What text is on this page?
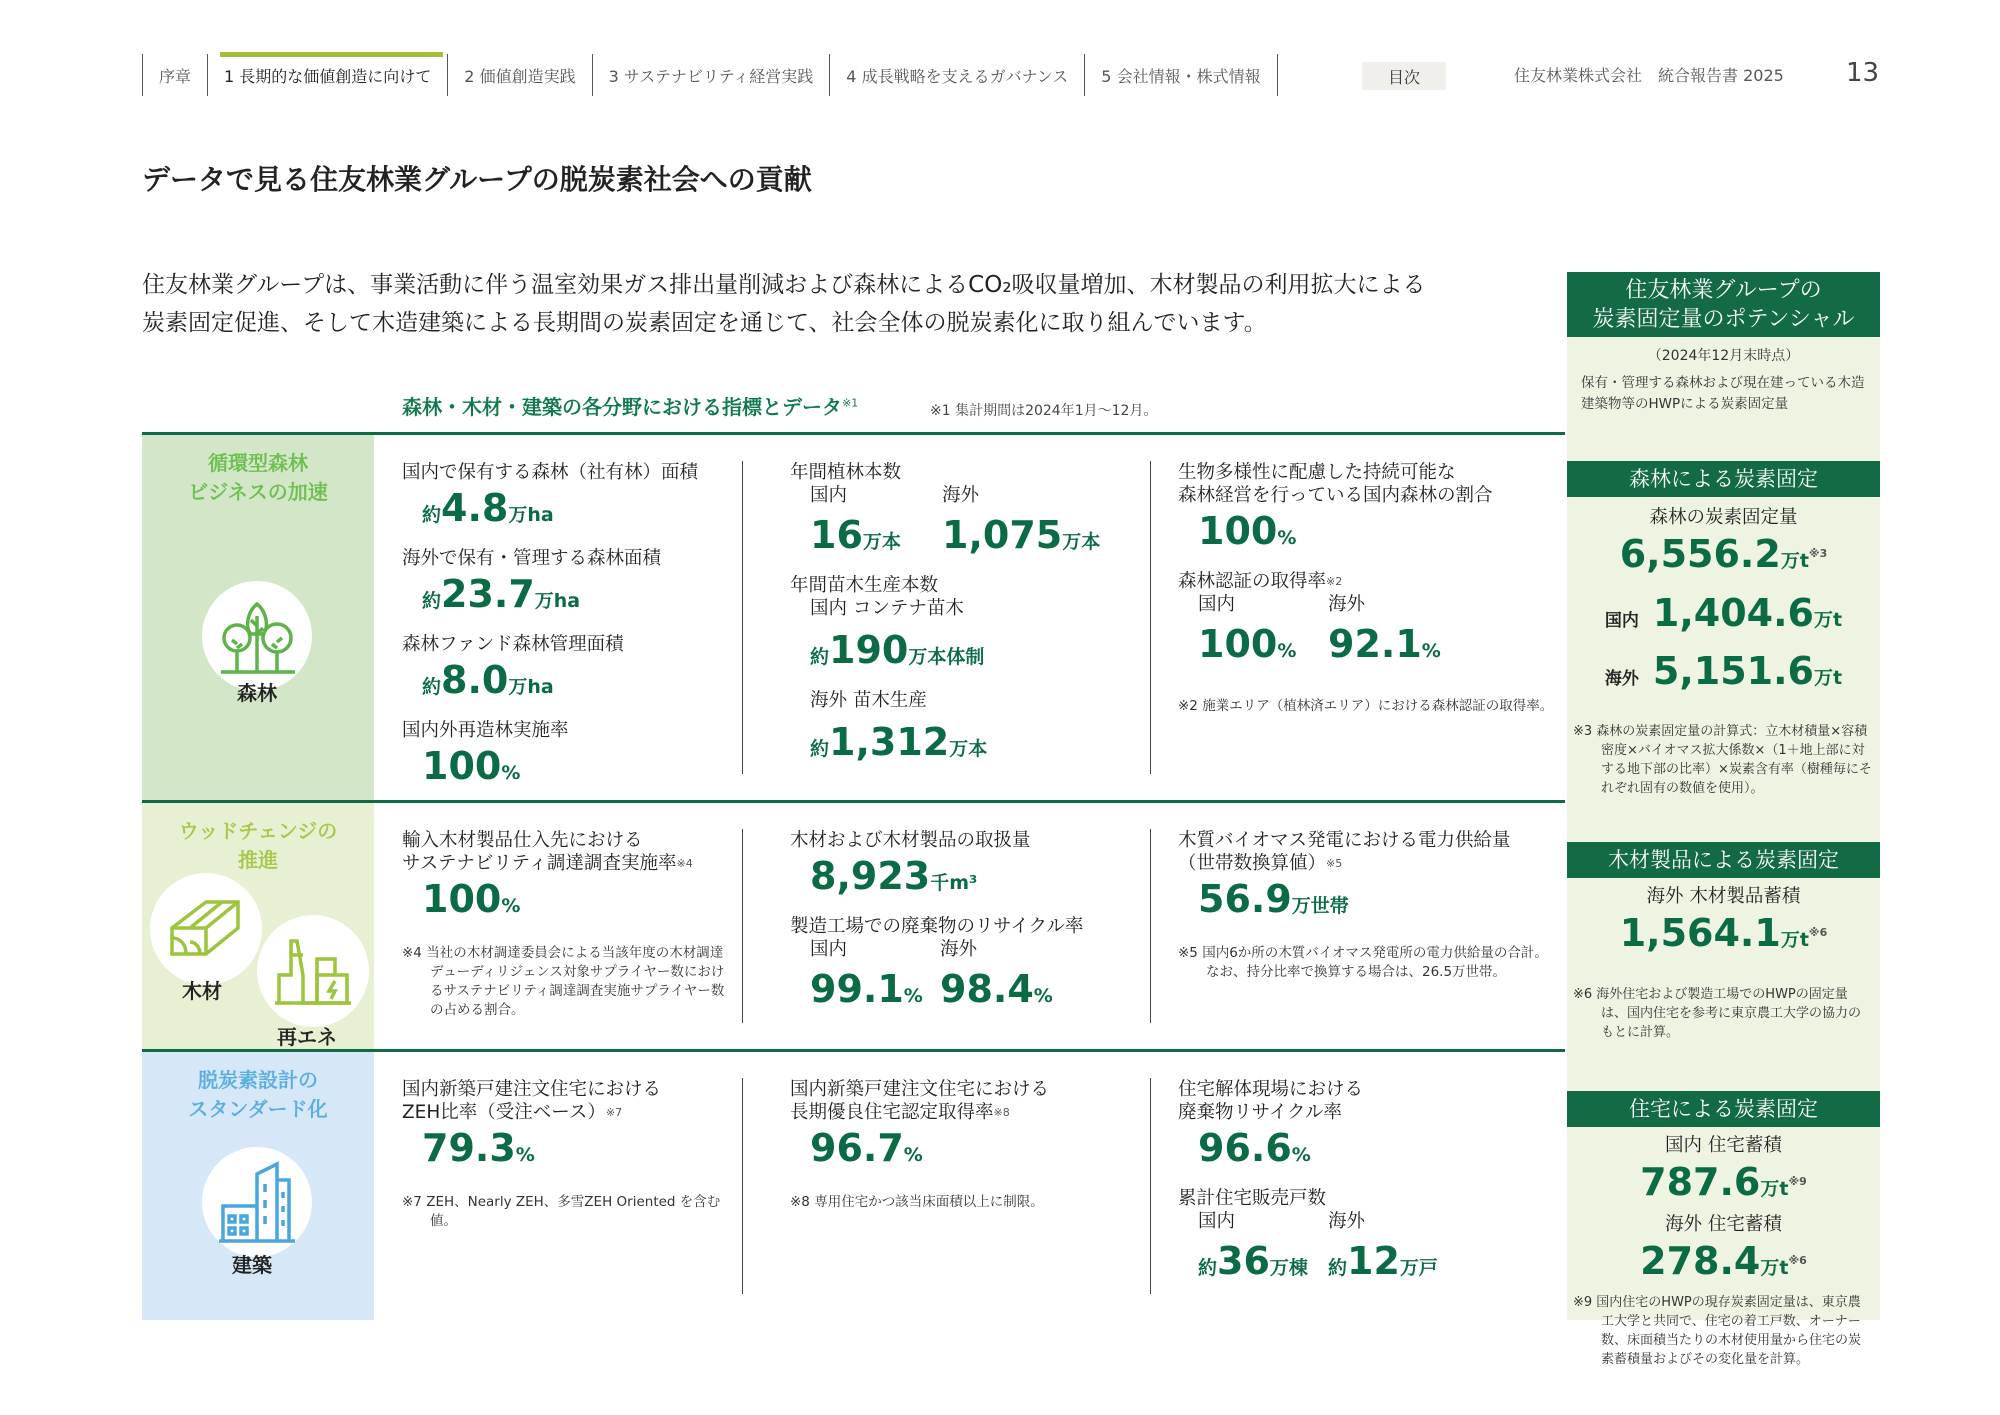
序章	1 長期的な価値創造に向けて	2 価値創造実践	3 サステナビリティ経営実践	4 成長戦略を支えるガバナンス	5 会社情報・株式情報	目次	住友林業株式会社　統合報告書 2025 13
データで見る住友林業グループの脱炭素社会への貢献
住友林業グループは、事業活動に伴う温室効果ガス排出量削減および森林によるCO₂吸収量増加、木材製品の利用拡大による
炭素固定促進、そして木造建築による長期間の炭素固定を通じて、社会全体の脱炭素化に取り組んでいます。
森林・木材・建築の各分野における指標とデータ$^{※1}$
※1 集計期間は2024年1月～12月。
循環型森林
ビジネスの加速
森林
国内で保有する森林（社有林）面積
約4.8万ha
海外で保有・管理する森林面積
約23.7万ha
森林ファンド森林管理面積
約8.0万ha
国内外再造林実施率
100%
年間植林本数
国内
16万本
海外
1,075万本
年間苗木生産本数
国内 コンテナ苗木
約190万本体制
海外 苗木生産
約1,312万本
生物多様性に配慮した持続可能な
森林経営を行っている国内森林の割合
100%
森林認証の取得率$^{※2}$
国内
100%
海外
92.1%
※2 施業エリア（植林済エリア）における森林認証の取得率。
ウッドチェンジの
推進
木材
再エネ
輸入木材製品仕入先における
サステナビリティ調達調査実施率$^{※4}$
100%
※4 当社の木材調達委員会による当該年度の木材調達デューディリジェンス対象サプライヤー数におけるサステナビリティ調達調査実施サプライヤー数の占める割合。
木材および木材製品の取扱量
8,923千m³
製造工場での廃棄物のリサイクル率
国内
99.1%
海外
98.4%
木質バイオマス発電における電力供給量
（世帯数換算値）$^{※5}$
56.9万世帯
※5 国内6か所の木質バイオマス発電所の電力供給量の合計。なお、持分比率で換算する場合は、26.5万世帯。
脱炭素設計の
スタンダード化
建築
国内新築戸建注文住宅における
ZEH比率（受注ベース）$^{※7}$
79.3%
※7 ZEH、Nearly ZEH、多雪ZEH Oriented を含む値。
国内新築戸建注文住宅における
長期優良住宅認定取得率$^{※8}$
96.7%
※8 専用住宅かつ該当床面積以上に制限。
住宅解体現場における
廃棄物リサイクル率
96.6%
累計住宅販売戸数
国内
約36万棟
海外
約12万戸
住友林業グループの
炭素固定量のポテンシャル
（2024年12月末時点）
保有・管理する森林および現在建っている木造建築物等のHWPによる炭素固定量
森林による炭素固定
森林の炭素固定量
6,556.2万$t^{※3}$
国内 1,404.6万t
海外 5,151.6万t
※3 森林の炭素固定量の計算式：立木材積量×容積密度×バイオマス拡大係数×（1＋地上部に対する地下部の比率）×炭素含有率（樹種毎にそれぞれ固有の数値を使用）。
木材製品による炭素固定
海外 木材製品蓄積
1,564.1万$t^{※6}$
※6 海外住宅および製造工場でのHWPの固定量は、国内住宅を参考に東京農工大学の協力のもとに計算。
住宅による炭素固定
国内 住宅蓄積
787.6万$t^{※9}$
海外 住宅蓄積
278.4万$t^{※6}$
※9 国内住宅のHWPの現存炭素固定量は、東京農工大学と共同で、住宅の着工戸数、オーナー数、床面積当たりの木材使用量から住宅の炭素蓄積量およびその変化量を計算。
